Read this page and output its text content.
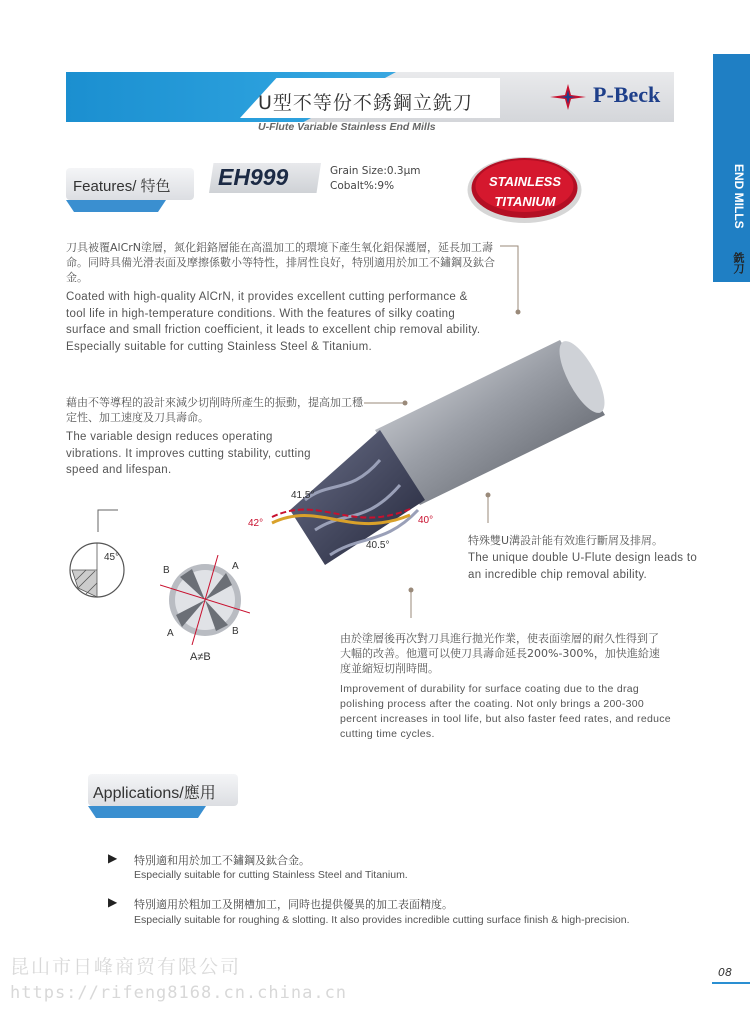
U型不等份不銹鋼立銑刀
U-Flute Variable Stainless End Mills
P-Beck
END MILLS
銑刀
Features/ 特色 EH999	Grain Size:0.3μm
Cobalt%:9%	STAINLESS
TITANIUM
刀具被覆AlCrN塗層，氮化鋁鉻層能在高溫加工的環境下產生氧化鋁保護層，延長加工壽命。同時具備光滑表面及摩擦係數小等特性，排屑性良好，特別適用於加工不鏽鋼及鈦合金。
Coated with high-quality AlCrN, it provides excellent cutting performance & tool life in high-temperature conditions. With the features of silky coating surface and small friction coefficient, it leads to excellent chip removal ability. Especially suitable for cutting Stainless Steel & Titanium.
藉由不等導程的設計來減少切削時所產生的振動，提高加工穩定性、加工速度及刀具壽命。
The variable design reduces operating vibrations. It improves cutting stability, cutting speed and lifespan.
特殊雙U溝設計能有效進行斷屑及排屑。
The unique double U-Flute design leads to an incredible chip removal ability.
由於塗層後再次對刀具進行拋光作業，使表面塗層的耐久性得到了大幅的改善。他還可以使刀具壽命延長200%-300%，加快進給速度並縮短切削時間。
Improvement of durability for surface coating due to the drag polishing process after the coating. Not only brings a 200-300 percent increases in tool life, but also faster feed rates, and reduce cutting time cycles.
41.5°
42°	40°
40.5°
45°
B	A
A	B
A≠B
Applications/應用
▶ 特別適和用於加工不鏽鋼及鈦合金。
Especially suitable for cutting Stainless Steel and Titanium.
▶ 特別適用於粗加工及開槽加工，同時也提供優異的加工表面精度。
Especially suitable for roughing & slotting. It also provides incredible cutting surface finish & high-precision.
昆山市日峰商贸有限公司
https://rifeng8168.cn.china.cn
08
